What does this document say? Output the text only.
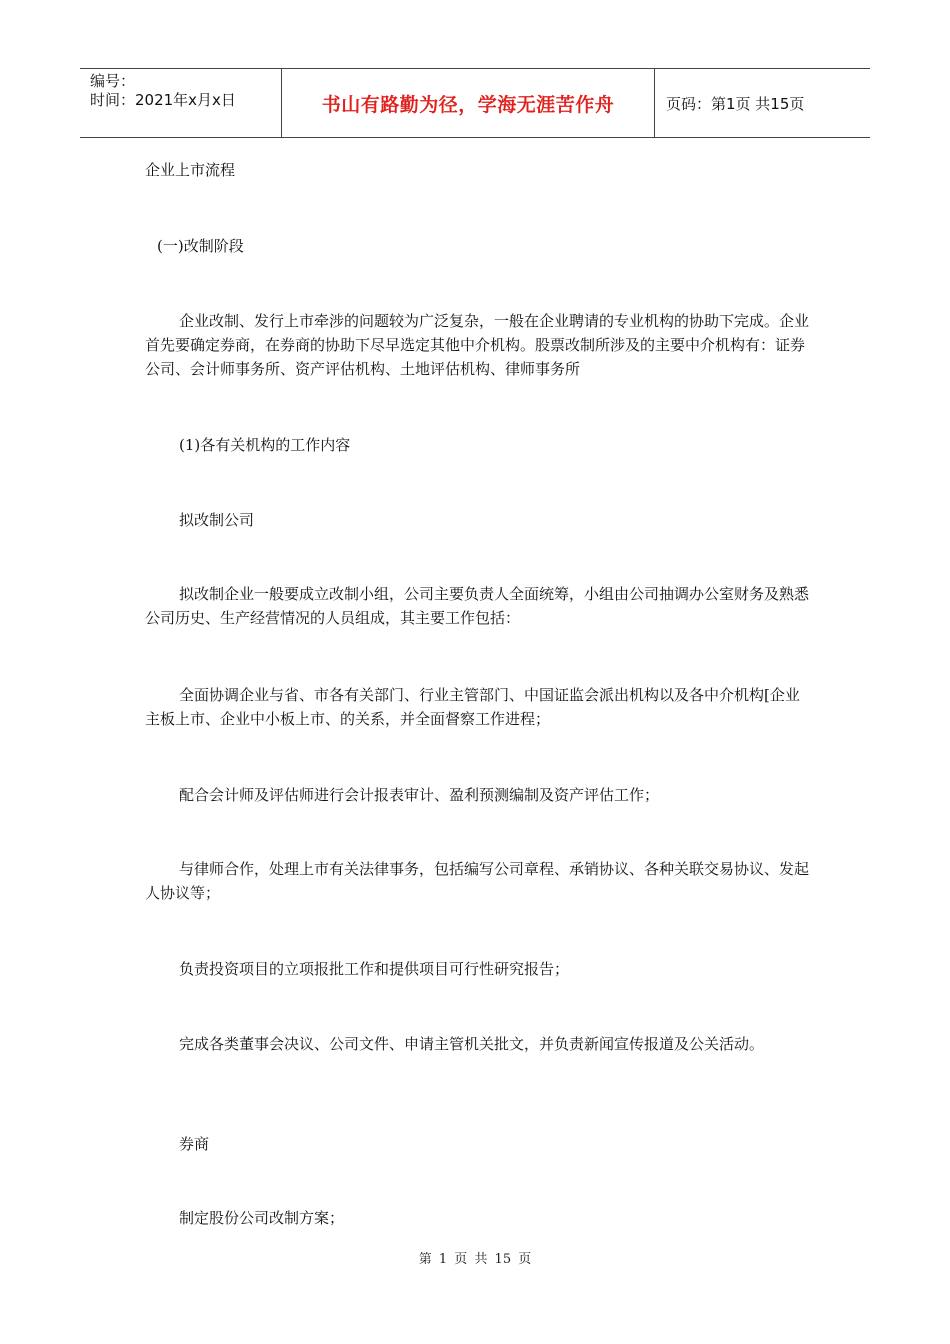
编号：
时间：2021年x月x日	书山有路勤为径，学海无涯苦作舟	页码：第1页 共15页

企业上市流程

(一)改制阶段

企业改制、发行上市牵涉的问题较为广泛复杂，一般在企业聘请的专业机构的协助下完成。企业首先要确定券商，在券商的协助下尽早选定其他中介机构。股票改制所涉及的主要中介机构有：证券公司、会计师事务所、资产评估机构、土地评估机构、律师事务所

(1)各有关机构的工作内容

拟改制公司

拟改制企业一般要成立改制小组，公司主要负责人全面统筹，小组由公司抽调办公室财务及熟悉公司历史、生产经营情况的人员组成，其主要工作包括：

全面协调企业与省、市各有关部门、行业主管部门、中国证监会派出机构以及各中介机构[企业主板上市、企业中小板上市、的关系，并全面督察工作进程；

配合会计师及评估师进行会计报表审计、盈利预测编制及资产评估工作；

与律师合作，处理上市有关法律事务，包括编写公司章程、承销协议、各种关联交易协议、发起人协议等；

负责投资项目的立项报批工作和提供项目可行性研究报告；

完成各类董事会决议、公司文件、申请主管机关批文，并负责新闻宣传报道及公关活动。

券商

制定股份公司改制方案；

第 1 页 共 15 页
